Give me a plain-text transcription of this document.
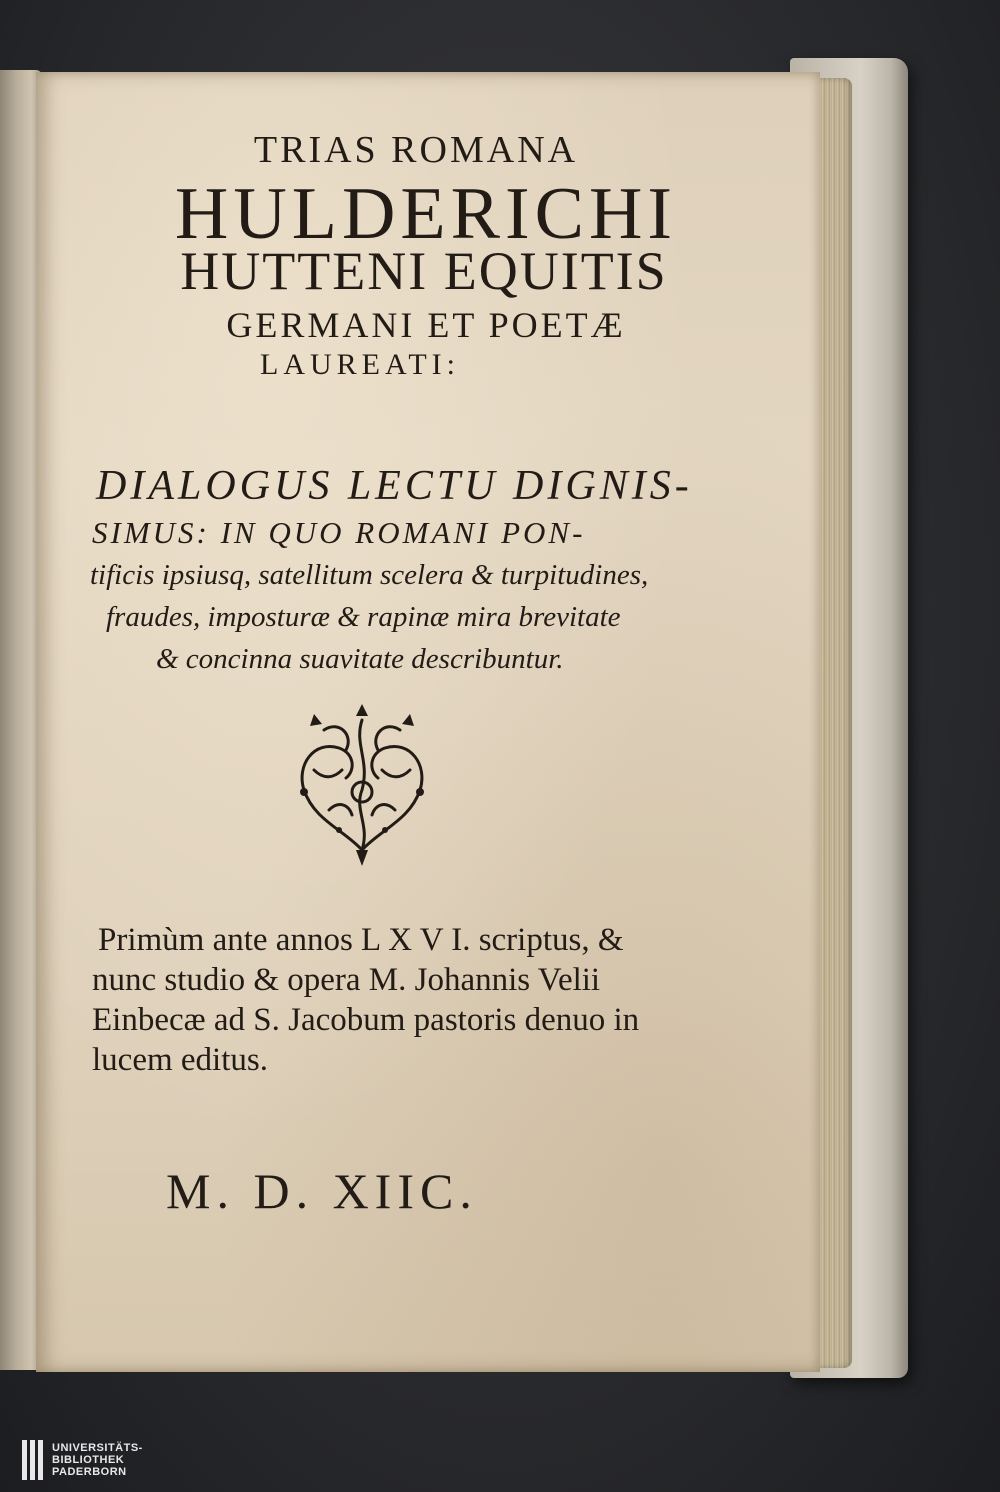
TRIAS ROMANA
HULDERICHI
HUTTENI EQUITIS
GERMANI ET POETÆ
LAUREATI:
DIALOGUS LECTU DIGNIS-
SIMUS: IN QUO ROMANI PON-
tificis ipsiusq, satellitum scelera & turpitudines,
fraudes, imposturæ & rapinæ mira brevitate
& concinna suavitate describuntur.
Primùm ante annos L X V I. scriptus, &
nunc studio & opera M. Johannis Velii
Einbecæ ad S. Jacobum pastoris denuo in
lucem editus.
M. D. XIIC.
UNIVERSITÄTS-
BIBLIOTHEK
PADERBORN
